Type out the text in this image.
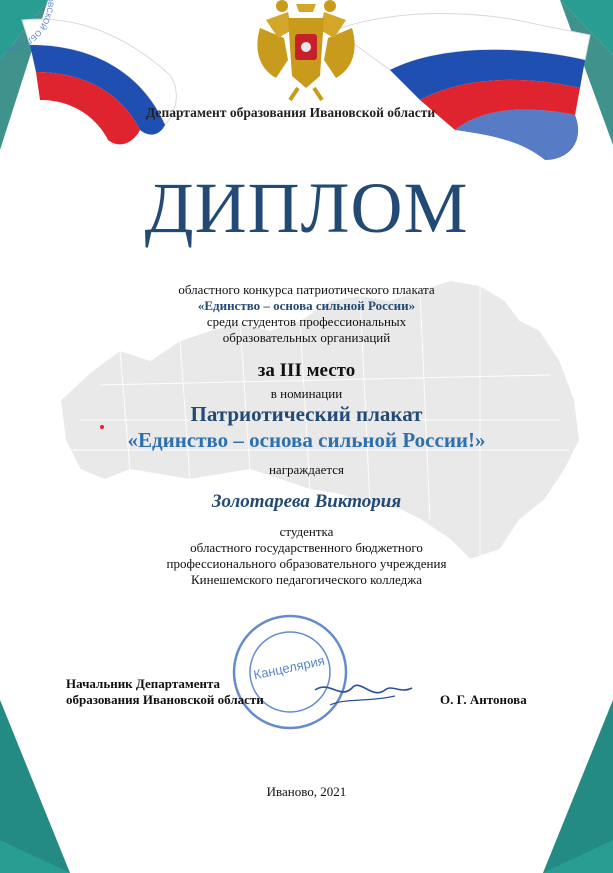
Департамент образования Ивановской области
ДИПЛОМ
областного конкурса патриотического плаката
«Единство – основа сильной России»
среди студентов профессиональных
образовательных организаций
за III место
в номинации
Патриотический плакат
«Единство – основа сильной России!»
награждается
Золотарева Виктория
студентка
областного государственного бюджетного
профессионального образовательного учреждения
Кинешемского педагогического колледжа
ВСКОЙ ОБЛАСТИ
Канцелярия
Начальник Департамента
образования Ивановской области	О. Г. Антонова
Иваново, 2021
